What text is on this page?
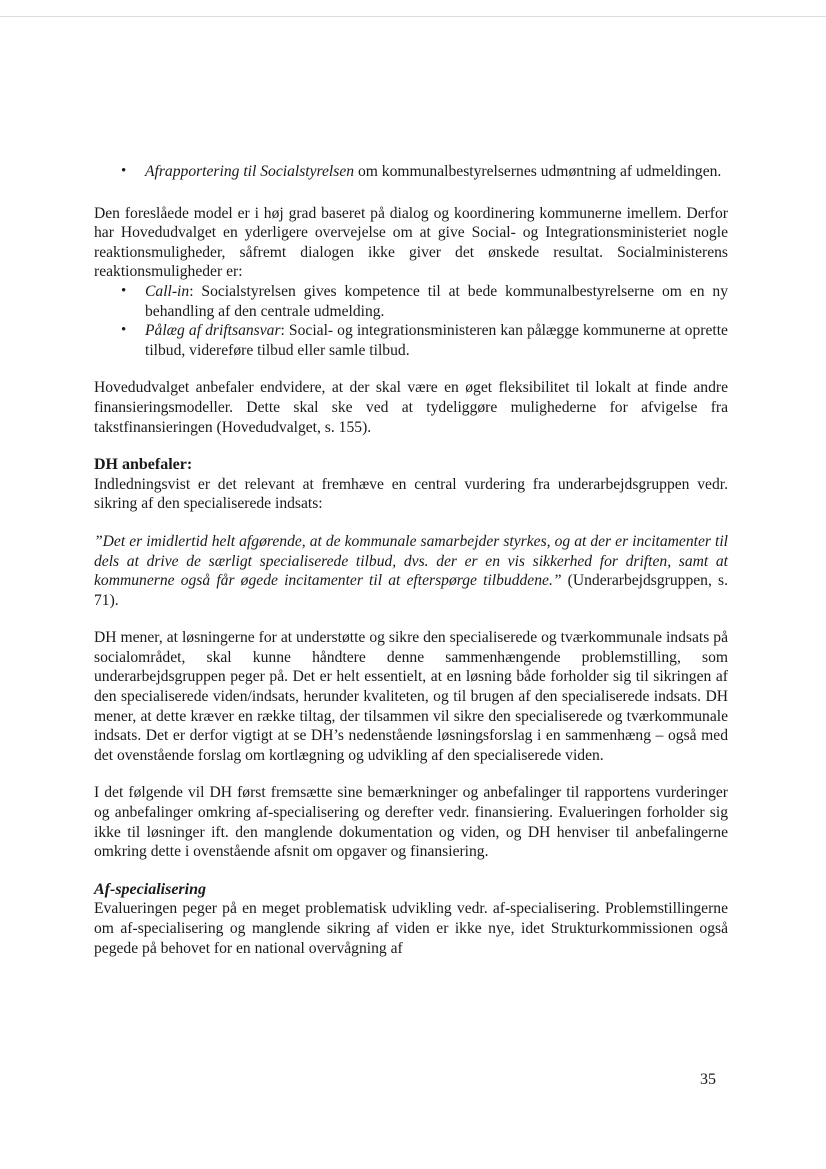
• Afrapportering til Socialstyrelsen om kommunalbestyrelsernes udmøntning af udmeldingen.

Den foreslåede model er i høj grad baseret på dialog og koordinering kommunerne imellem. Derfor har Hovedudvalget en yderligere overvejelse om at give Social- og Integrationsministeriet nogle reaktionsmuligheder, såfremt dialogen ikke giver det ønskede resultat. Socialministerens reaktionsmuligheder er:

• Call-in: Socialstyrelsen gives kompetence til at bede kommunalbestyrelserne om en ny behandling af den centrale udmelding.
• Pålæg af driftsansvar: Social- og integrationsministeren kan pålægge kommunerne at oprette tilbud, videreføre tilbud eller samle tilbud.

Hovedudvalget anbefaler endvidere, at der skal være en øget fleksibilitet til lokalt at finde andre finansieringsmodeller. Dette skal ske ved at tydeliggøre mulighederne for afvigelse fra takstfinansieringen (Hovedudvalget, s. 155).

DH anbefaler:

Indledningsvist er det relevant at fremhæve en central vurdering fra underarbejdsgruppen vedr. sikring af den specialiserede indsats:

”Det er imidlertid helt afgørende, at de kommunale samarbejder styrkes, og at der er incitamenter til dels at drive de særligt specialiserede tilbud, dvs. der er en vis sikkerhed for driften, samt at kommunerne også får øgede incitamenter til at efterspørge tilbuddene.” (Underarbejdsgruppen, s. 71).

DH mener, at løsningerne for at understøtte og sikre den specialiserede og tværkommunale indsats på socialområdet, skal kunne håndtere denne sammenhængende problemstilling, som underarbejdsgruppen peger på. Det er helt essentielt, at en løsning både forholder sig til sikringen af den specialiserede viden/indsats, herunder kvaliteten, og til brugen af den specialiserede indsats. DH mener, at dette kræver en række tiltag, der tilsammen vil sikre den specialiserede og tværkommunale indsats. Det er derfor vigtigt at se DH’s nedenstående løsningsforslag i en sammenhæng – også med det ovenstående forslag om kortlægning og udvikling af den specialiserede viden.

I det følgende vil DH først fremsætte sine bemærkninger og anbefalinger til rapportens vurderinger og anbefalinger omkring af-specialisering og derefter vedr. finansiering. Evalueringen forholder sig ikke til løsninger ift. den manglende dokumentation og viden, og DH henviser til anbefalingerne omkring dette i ovenstående afsnit om opgaver og finansiering.

Af-specialisering

Evalueringen peger på en meget problematisk udvikling vedr. af-specialisering. Problemstillingerne om af-specialisering og manglende sikring af viden er ikke nye, idet Strukturkommissionen også pegede på behovet for en national overvågning af

35
